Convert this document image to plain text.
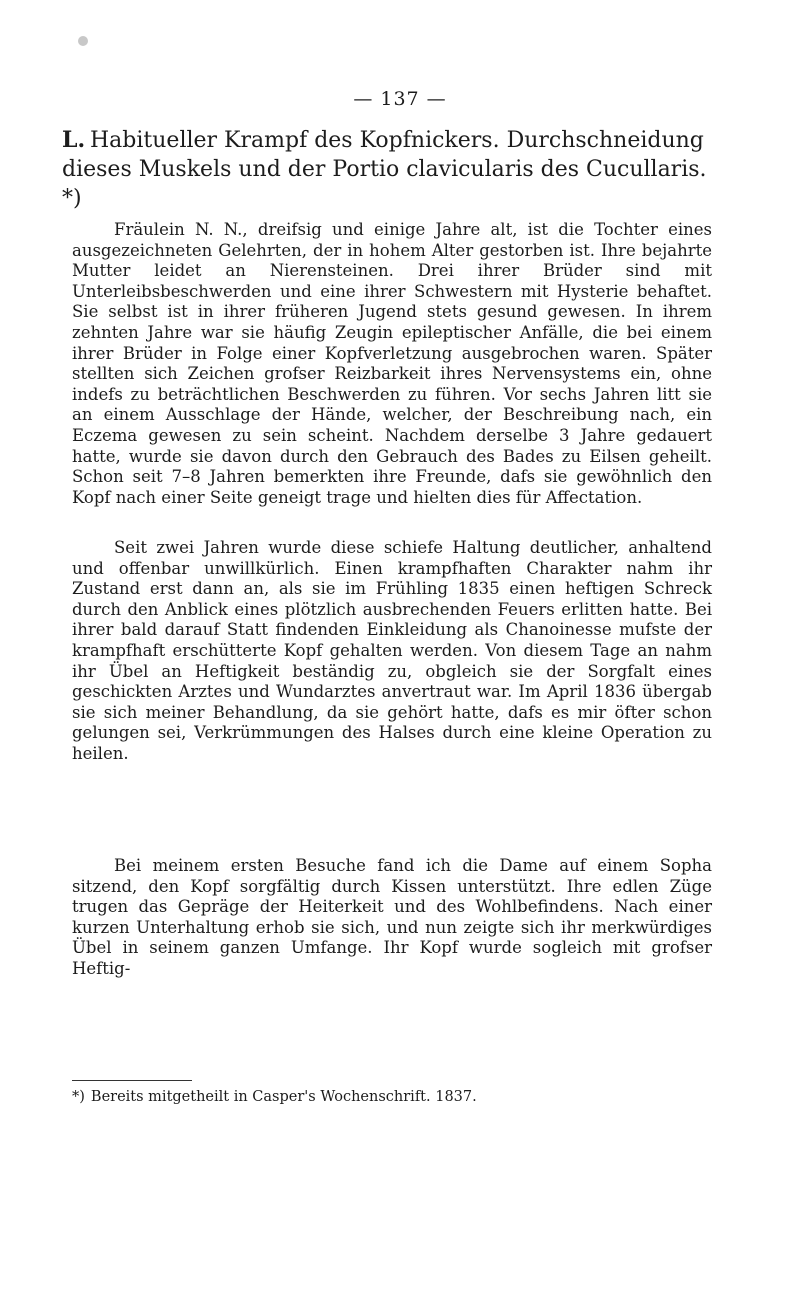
— 137 —
L. Habitueller Krampf des Kopfnickers. Durchschneidung dieses Muskels und der Portio clavicularis des Cucullaris. *)

Fräulein N. N., dreifsig und einige Jahre alt, ist die Tochter eines ausgezeichneten Gelehrten, der in hohem Alter gestorben ist. Ihre bejahrte Mutter leidet an Nierensteinen. Drei ihrer Brüder sind mit Unterleibsbeschwerden und eine ihrer Schwestern mit Hysterie behaftet. Sie selbst ist in ihrer früheren Jugend stets gesund gewesen. In ihrem zehnten Jahre war sie häufig Zeugin epileptischer Anfälle, die bei einem ihrer Brüder in Folge einer Kopfverletzung ausgebrochen waren. Später stellten sich Zeichen grofser Reizbarkeit ihres Nervensystems ein, ohne indefs zu beträchtlichen Beschwerden zu führen. Vor sechs Jahren litt sie an einem Ausschlage der Hände, welcher, der Beschreibung nach, ein Eczema gewesen zu sein scheint. Nachdem derselbe 3 Jahre gedauert hatte, wurde sie davon durch den Gebrauch des Bades zu Eilsen geheilt. Schon seit 7–8 Jahren bemerkten ihre Freunde, dafs sie gewöhnlich den Kopf nach einer Seite geneigt trage und hielten dies für Affectation.

Seit zwei Jahren wurde diese schiefe Haltung deutlicher, anhaltend und offenbar unwillkürlich. Einen krampfhaften Charakter nahm ihr Zustand erst dann an, als sie im Frühling 1835 einen heftigen Schreck durch den Anblick eines plötzlich ausbrechenden Feuers erlitten hatte. Bei ihrer bald darauf Statt findenden Einkleidung als Chanoinesse mufste der krampfhaft erschütterte Kopf gehalten werden. Von diesem Tage an nahm ihr Übel an Heftigkeit beständig zu, obgleich sie der Sorgfalt eines geschickten Arztes und Wundarztes anvertraut war. Im April 1836 übergab sie sich meiner Behandlung, da sie gehört hatte, dafs es mir öfter schon gelungen sei, Verkrümmungen des Halses durch eine kleine Operation zu heilen.

Bei meinem ersten Besuche fand ich die Dame auf einem Sopha sitzend, den Kopf sorgfältig durch Kissen unterstützt. Ihre edlen Züge trugen das Gepräge der Heiterkeit und des Wohlbefindens. Nach einer kurzen Unterhaltung erhob sie sich, und nun zeigte sich ihr merkwürdiges Übel in seinem ganzen Umfange. Ihr Kopf wurde sogleich mit grofser Heftig-

*) Bereits mitgetheilt in Casper's Wochenschrift. 1837.
